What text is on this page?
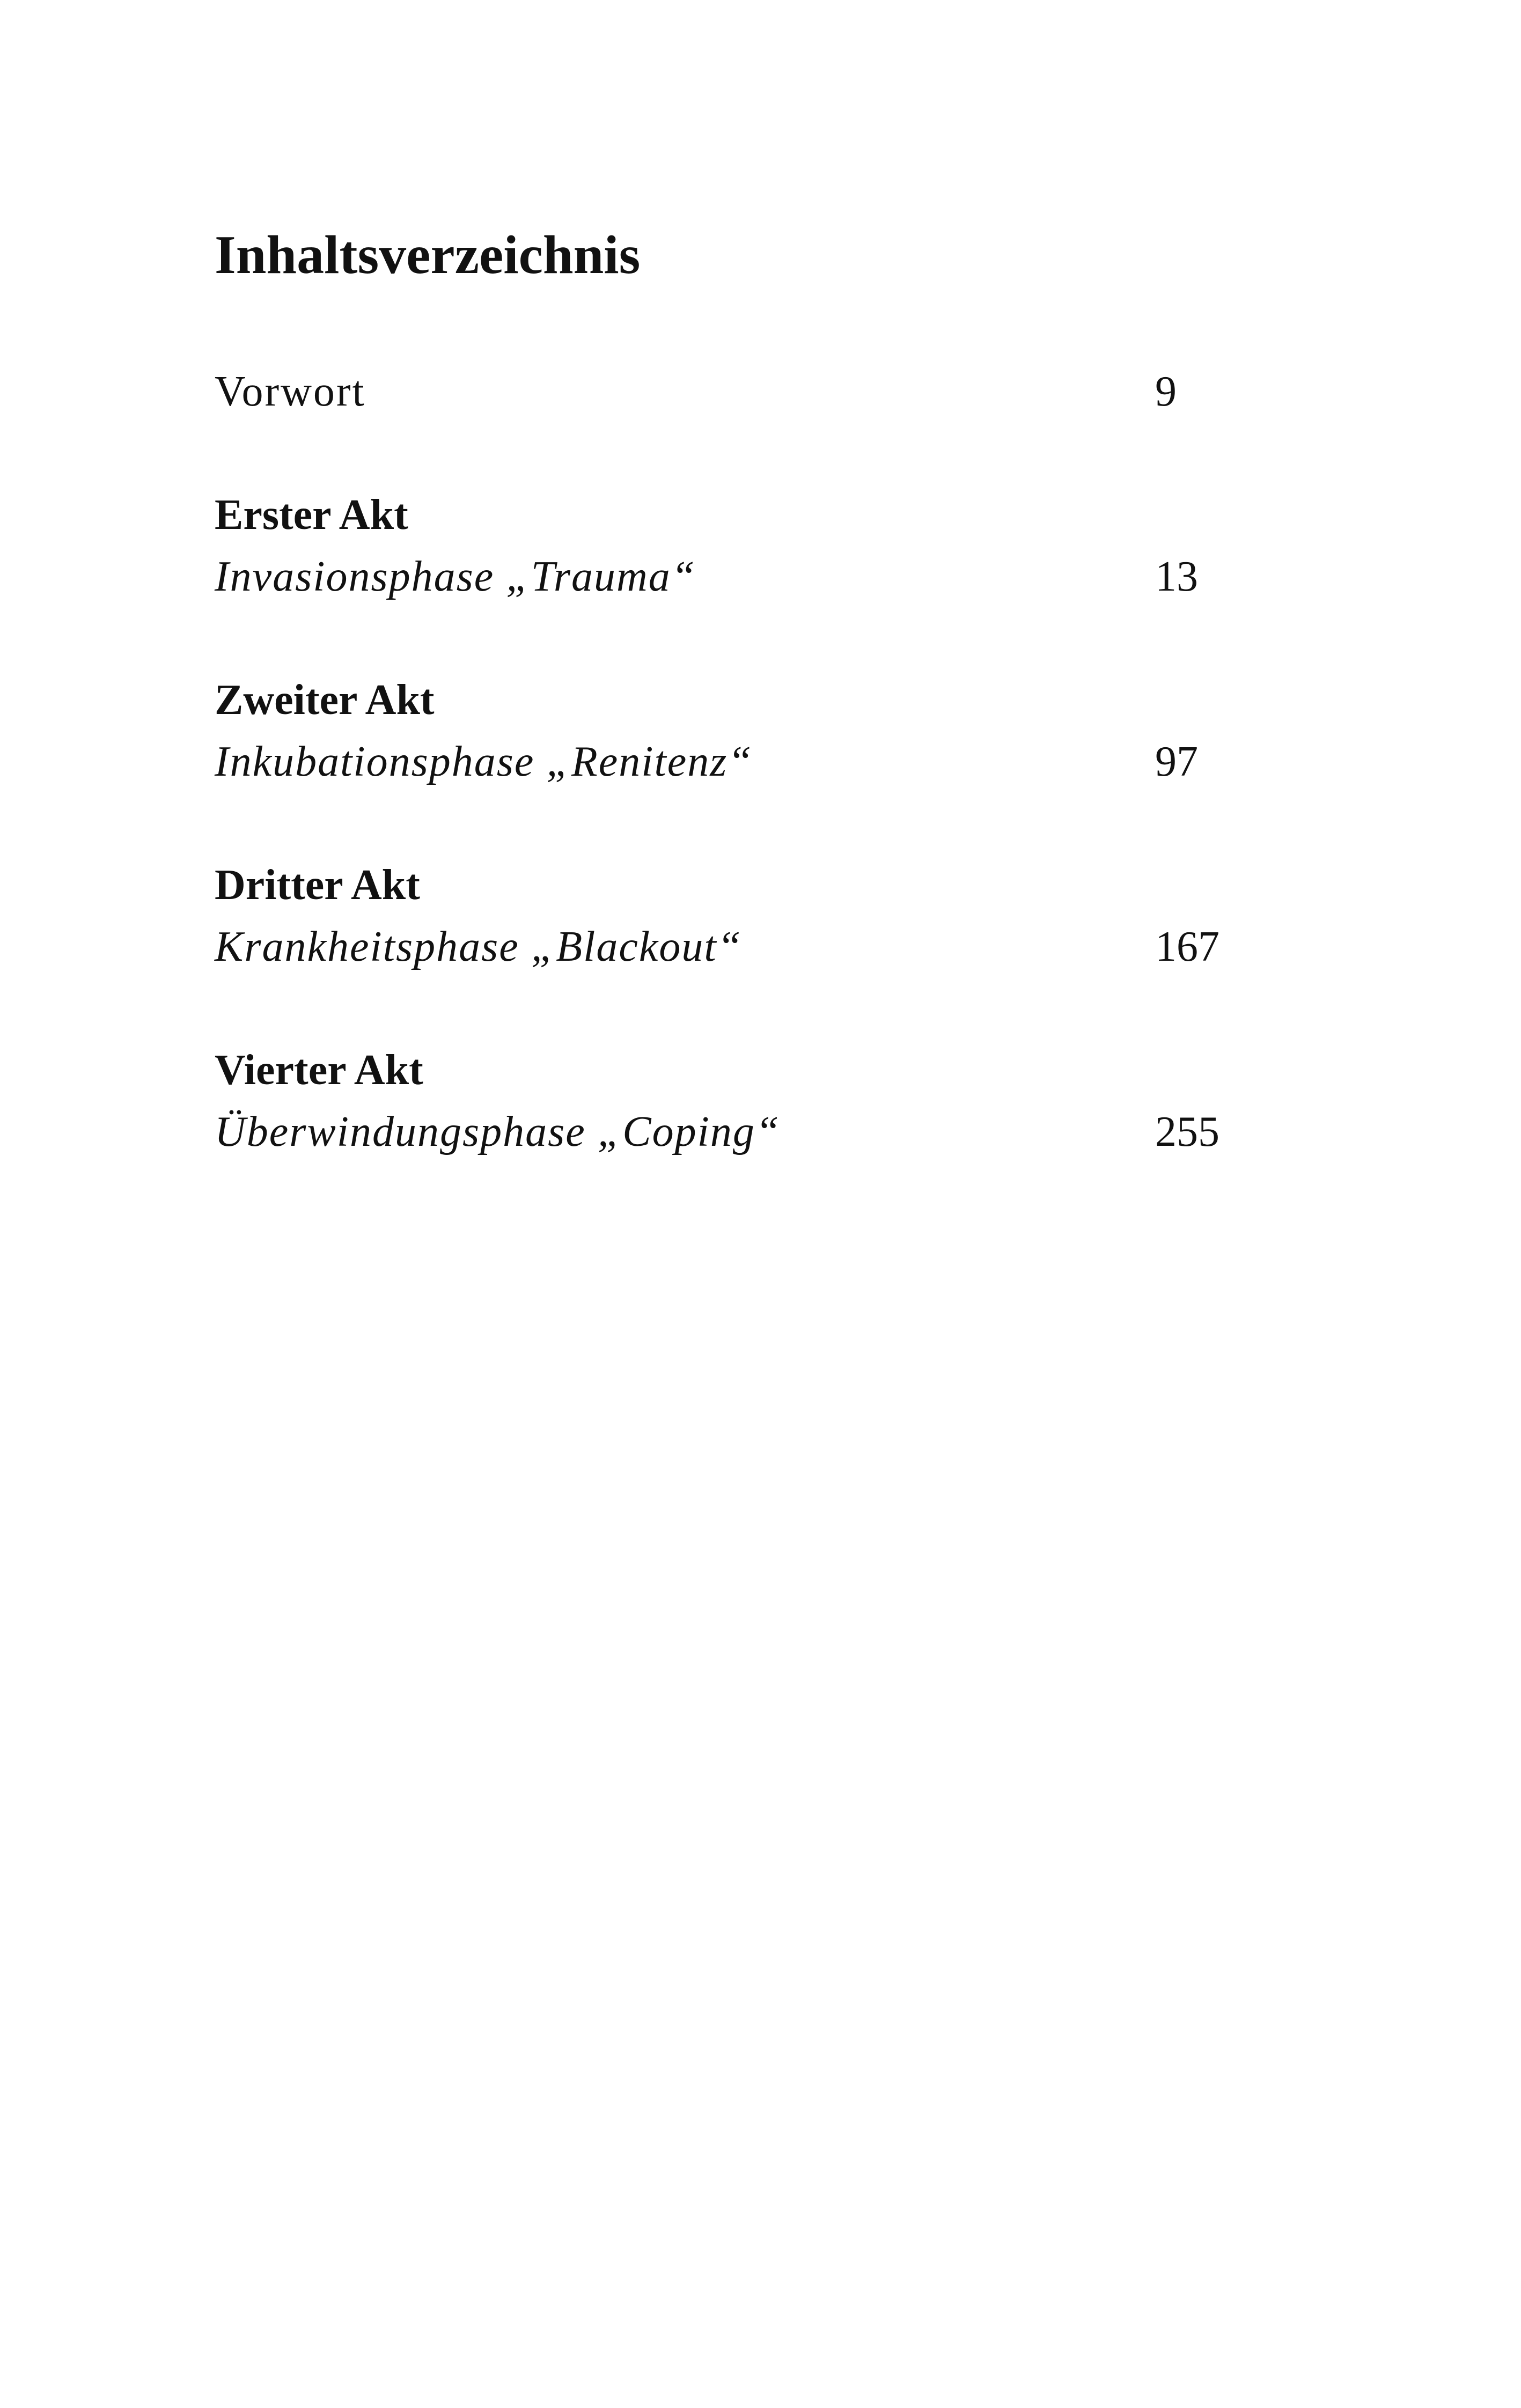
Inhaltsverzeichnis
Vorwort	9
Erster Akt
Invasionsphase „Trauma“	13
Zweiter Akt
Inkubationsphase „Renitenz“	97
Dritter Akt
Krankheitsphase „Blackout“	167
Vierter Akt
Überwindungsphase „Coping“	255
